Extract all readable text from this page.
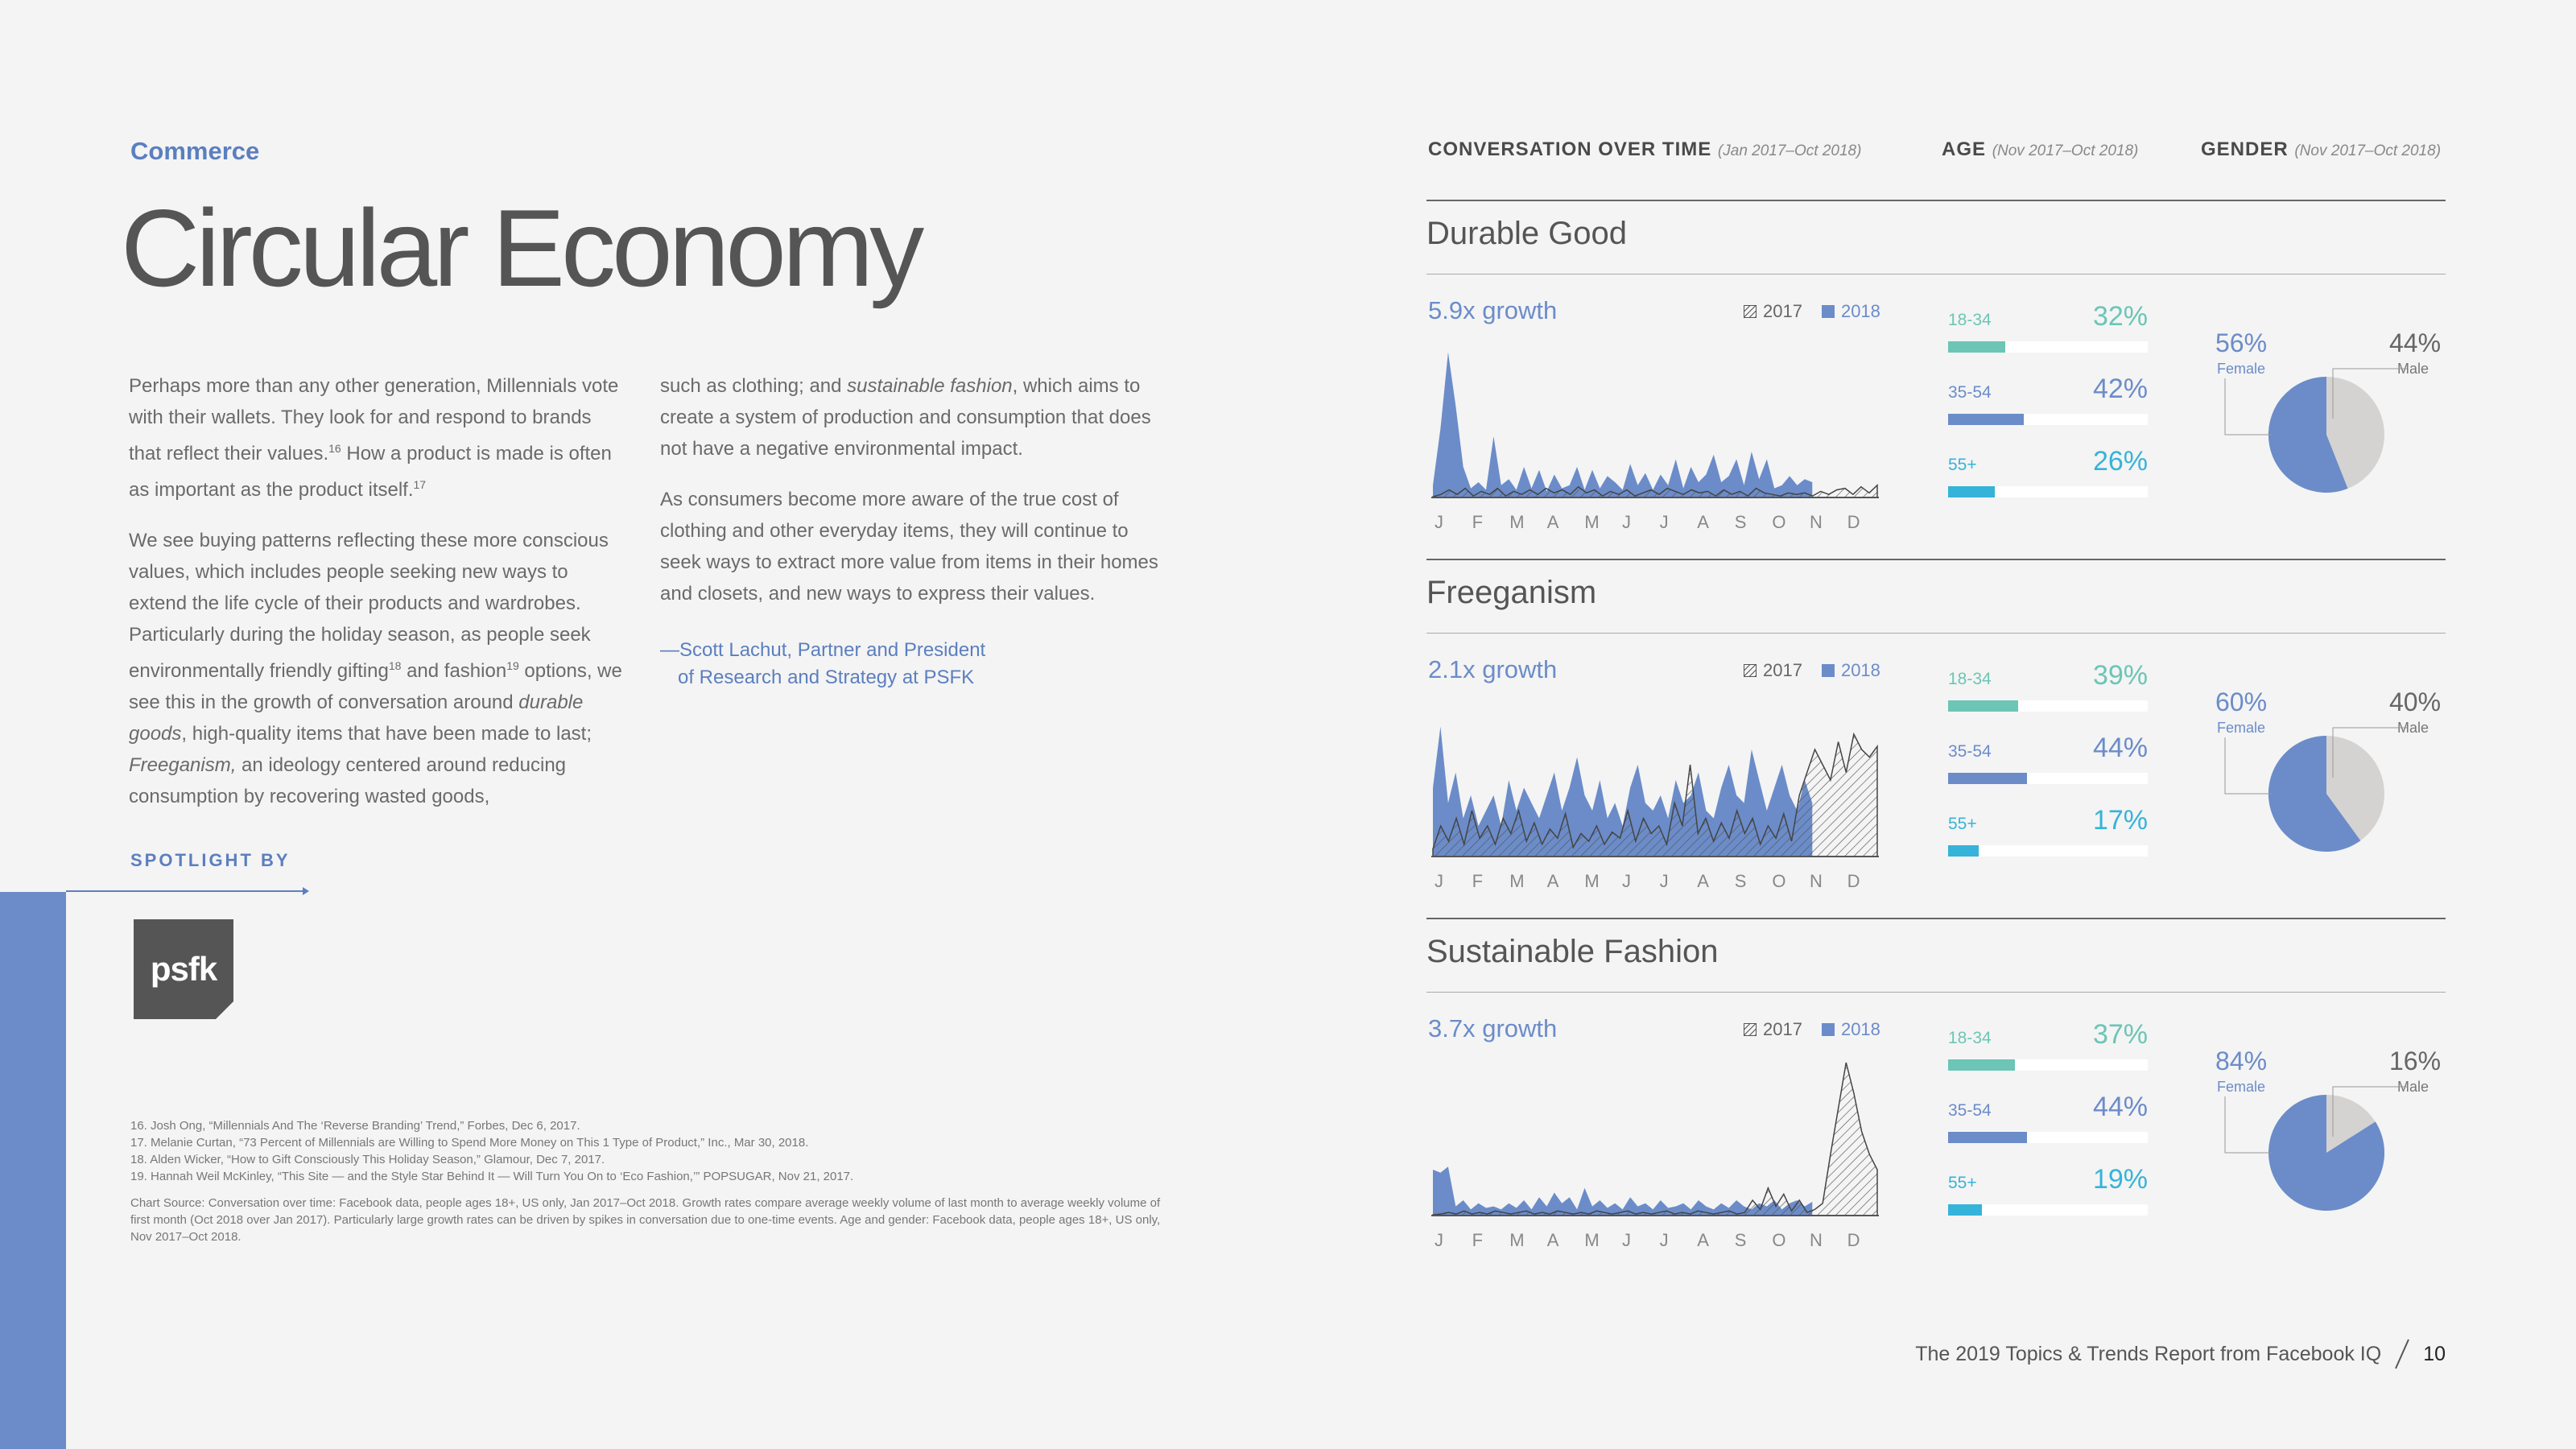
Commerce
Circular Economy

Perhaps more than any other generation, Millennials vote with their wallets. They look for and respond to brands that reflect their values.$^{16}$ How a product is made is often as important as the product itself.$^{17}$

We see buying patterns reflecting these more conscious values, which includes people seeking new ways to extend the life cycle of their products and wardrobes. Particularly during the holiday season, as people seek environmentally friendly gifting$^{18}$ and fashion$^{19}$ options, we see this in the growth of conversation around durable goods, high-quality items that have been made to last; Freeganism, an ideology centered around reducing consumption by recovering wasted goods,

such as clothing; and sustainable fashion, which aims to create a system of production and consumption that does not have a negative environmental impact.

As consumers become more aware of the true cost of clothing and other everyday items, they will continue to seek ways to extract more value from items in their homes and closets, and new ways to express their values.

—Scott Lachut, Partner and President
of Research and Strategy at PSFK
SPOTLIGHT BY
psfk
16. Josh Ong, “Millennials And The ‘Reverse Branding’ Trend,” Forbes, Dec 6, 2017.
17. Melanie Curtan, “73 Percent of Millennials are Willing to Spend More Money on This 1 Type of Product,” Inc., Mar 30, 2018.
18. Alden Wicker, “How to Gift Consciously This Holiday Season,” Glamour, Dec 7, 2017.
19. Hannah Weil McKinley, “This Site — and the Style Star Behind It — Will Turn You On to ‘Eco Fashion,’” POPSUGAR, Nov 21, 2017.
Chart Source: Conversation over time: Facebook data, people ages 18+, US only, Jan 2017–Oct 2018. Growth rates compare average weekly volume of last month to average weekly volume of first month (Oct 2018 over Jan 2017). Particularly large growth rates can be driven by spikes in conversation due to one-time events. Age and gender: Facebook data, people ages 18+, US only, Nov 2017–Oct 2018.
CONVERSATION OVER TIME (Jan 2017–Oct 2018)	AGE (Nov 2017–Oct 2018)	GENDER (Nov 2017–Oct 2018)
Durable Good
5.9x growth	2017 2018
J F M A M J J A S O N D
18-34	32%
35-54	42%
55+	26%
56%
Female
44%
Male
Freeganism
2.1x growth	2017 2018
J F M A M J J A S O N D
18-34	39%
35-54	44%
55+	17%
60%
Female
40%
Male
Sustainable Fashion
3.7x growth	2017 2018
J F M A M J J A S O N D
18-34	37%
35-54	44%
55+	19%
84%
Female
16%
Male
The 2019 Topics & Trends Report from Facebook IQ 10
